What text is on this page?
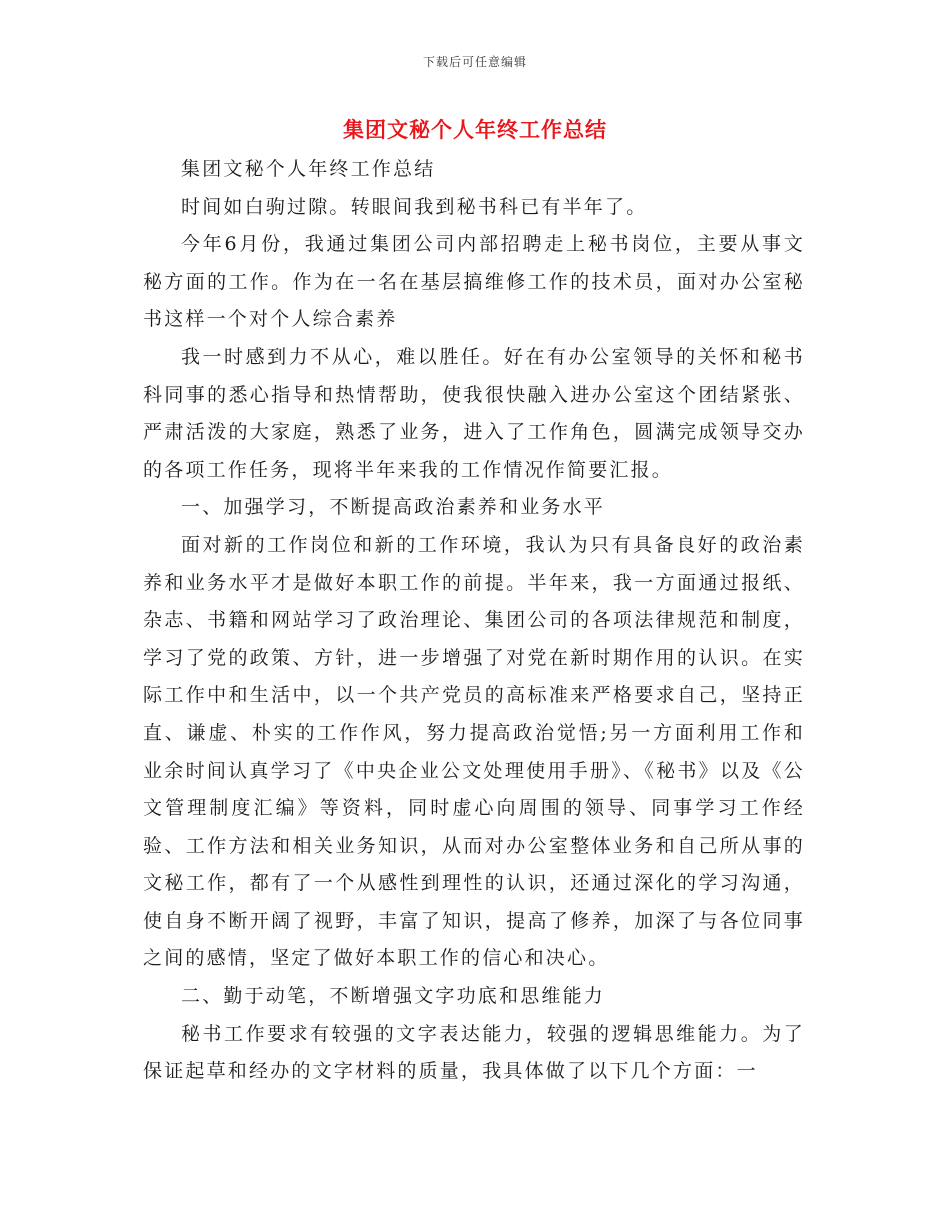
下载后可任意编辑
集团文秘个人年终工作总结

集团文秘个人年终工作总结

时间如白驹过隙。转眼间我到秘书科已有半年了。

今年6月份，我通过集团公司内部招聘走上秘书岗位，主要从事文秘方面的工作。作为在一名在基层搞维修工作的技术员，面对办公室秘书这样一个对个人综合素养

我一时感到力不从心，难以胜任。好在有办公室领导的关怀和秘书科同事的悉心指导和热情帮助，使我很快融入进办公室这个团结紧张、严肃活泼的大家庭，熟悉了业务，进入了工作角色，圆满完成领导交办的各项工作任务，现将半年来我的工作情况作简要汇报。

一、加强学习，不断提高政治素养和业务水平

面对新的工作岗位和新的工作环境，我认为只有具备良好的政治素养和业务水平才是做好本职工作的前提。半年来，我一方面通过报纸、杂志、书籍和网站学习了政治理论、集团公司的各项法律规范和制度，学习了党的政策、方针，进一步增强了对党在新时期作用的认识。在实际工作中和生活中，以一个共产党员的高标准来严格要求自己，坚持正直、谦虚、朴实的工作作风，努力提高政治觉悟;另一方面利用工作和业余时间认真学习了《中央企业公文处理使用手册》、《秘书》以及《公文管理制度汇编》等资料，同时虚心向周围的领导、同事学习工作经验、工作方法和相关业务知识，从而对办公室整体业务和自己所从事的文秘工作，都有了一个从感性到理性的认识，还通过深化的学习沟通，使自身不断开阔了视野，丰富了知识，提高了修养，加深了与各位同事之间的感情，坚定了做好本职工作的信心和决心。

二、勤于动笔，不断增强文字功底和思维能力

秘书工作要求有较强的文字表达能力，较强的逻辑思维能力。为了保证起草和经办的文字材料的质量，我具体做了以下几个方面：一
